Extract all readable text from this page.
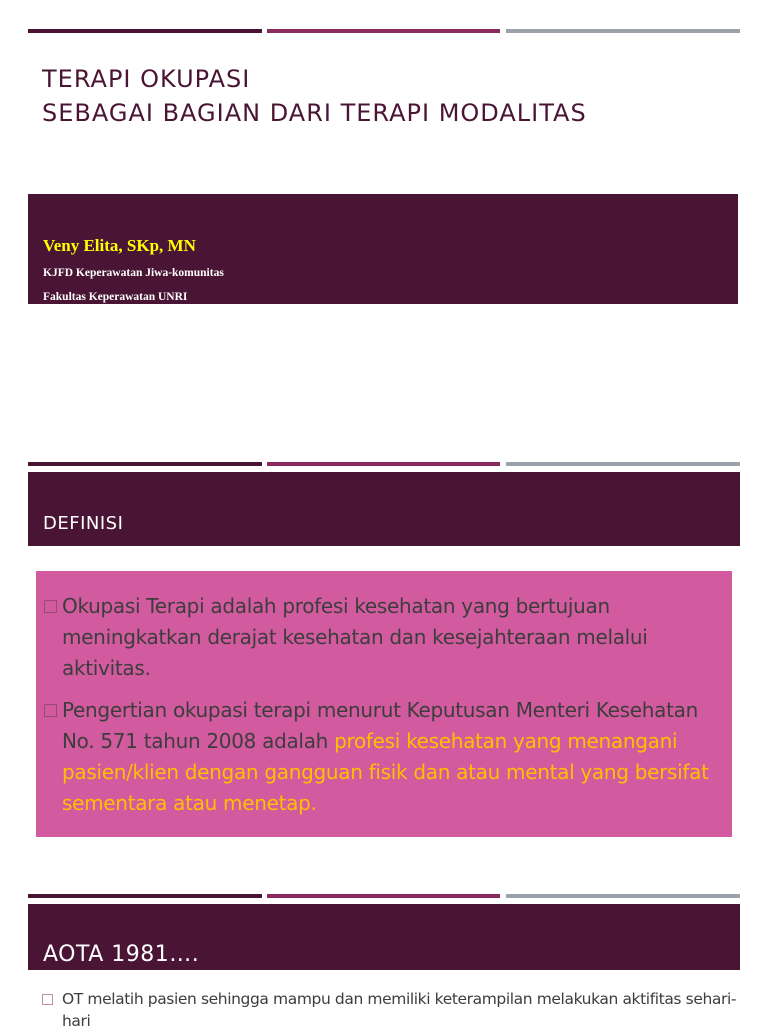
TERAPI OKUPASI
SEBAGAI BAGIAN DARI TERAPI MODALITAS
Veny Elita, SKp, MN
KJFD Keperawatan Jiwa-komunitas
Fakultas Keperawatan UNRI
DEFINISI
Okupasi Terapi adalah profesi kesehatan yang bertujuan meningkatkan derajat kesehatan dan kesejahteraan melalui aktivitas.
Pengertian okupasi terapi menurut Keputusan Menteri Kesehatan No. 571 tahun 2008 adalah profesi kesehatan yang menangani pasien/klien dengan gangguan fisik dan atau mental yang bersifat sementara atau menetap.
AOTA 1981….
OT melatih pasien sehingga mampu dan memiliki keterampilan melakukan aktifitas sehari-hari
